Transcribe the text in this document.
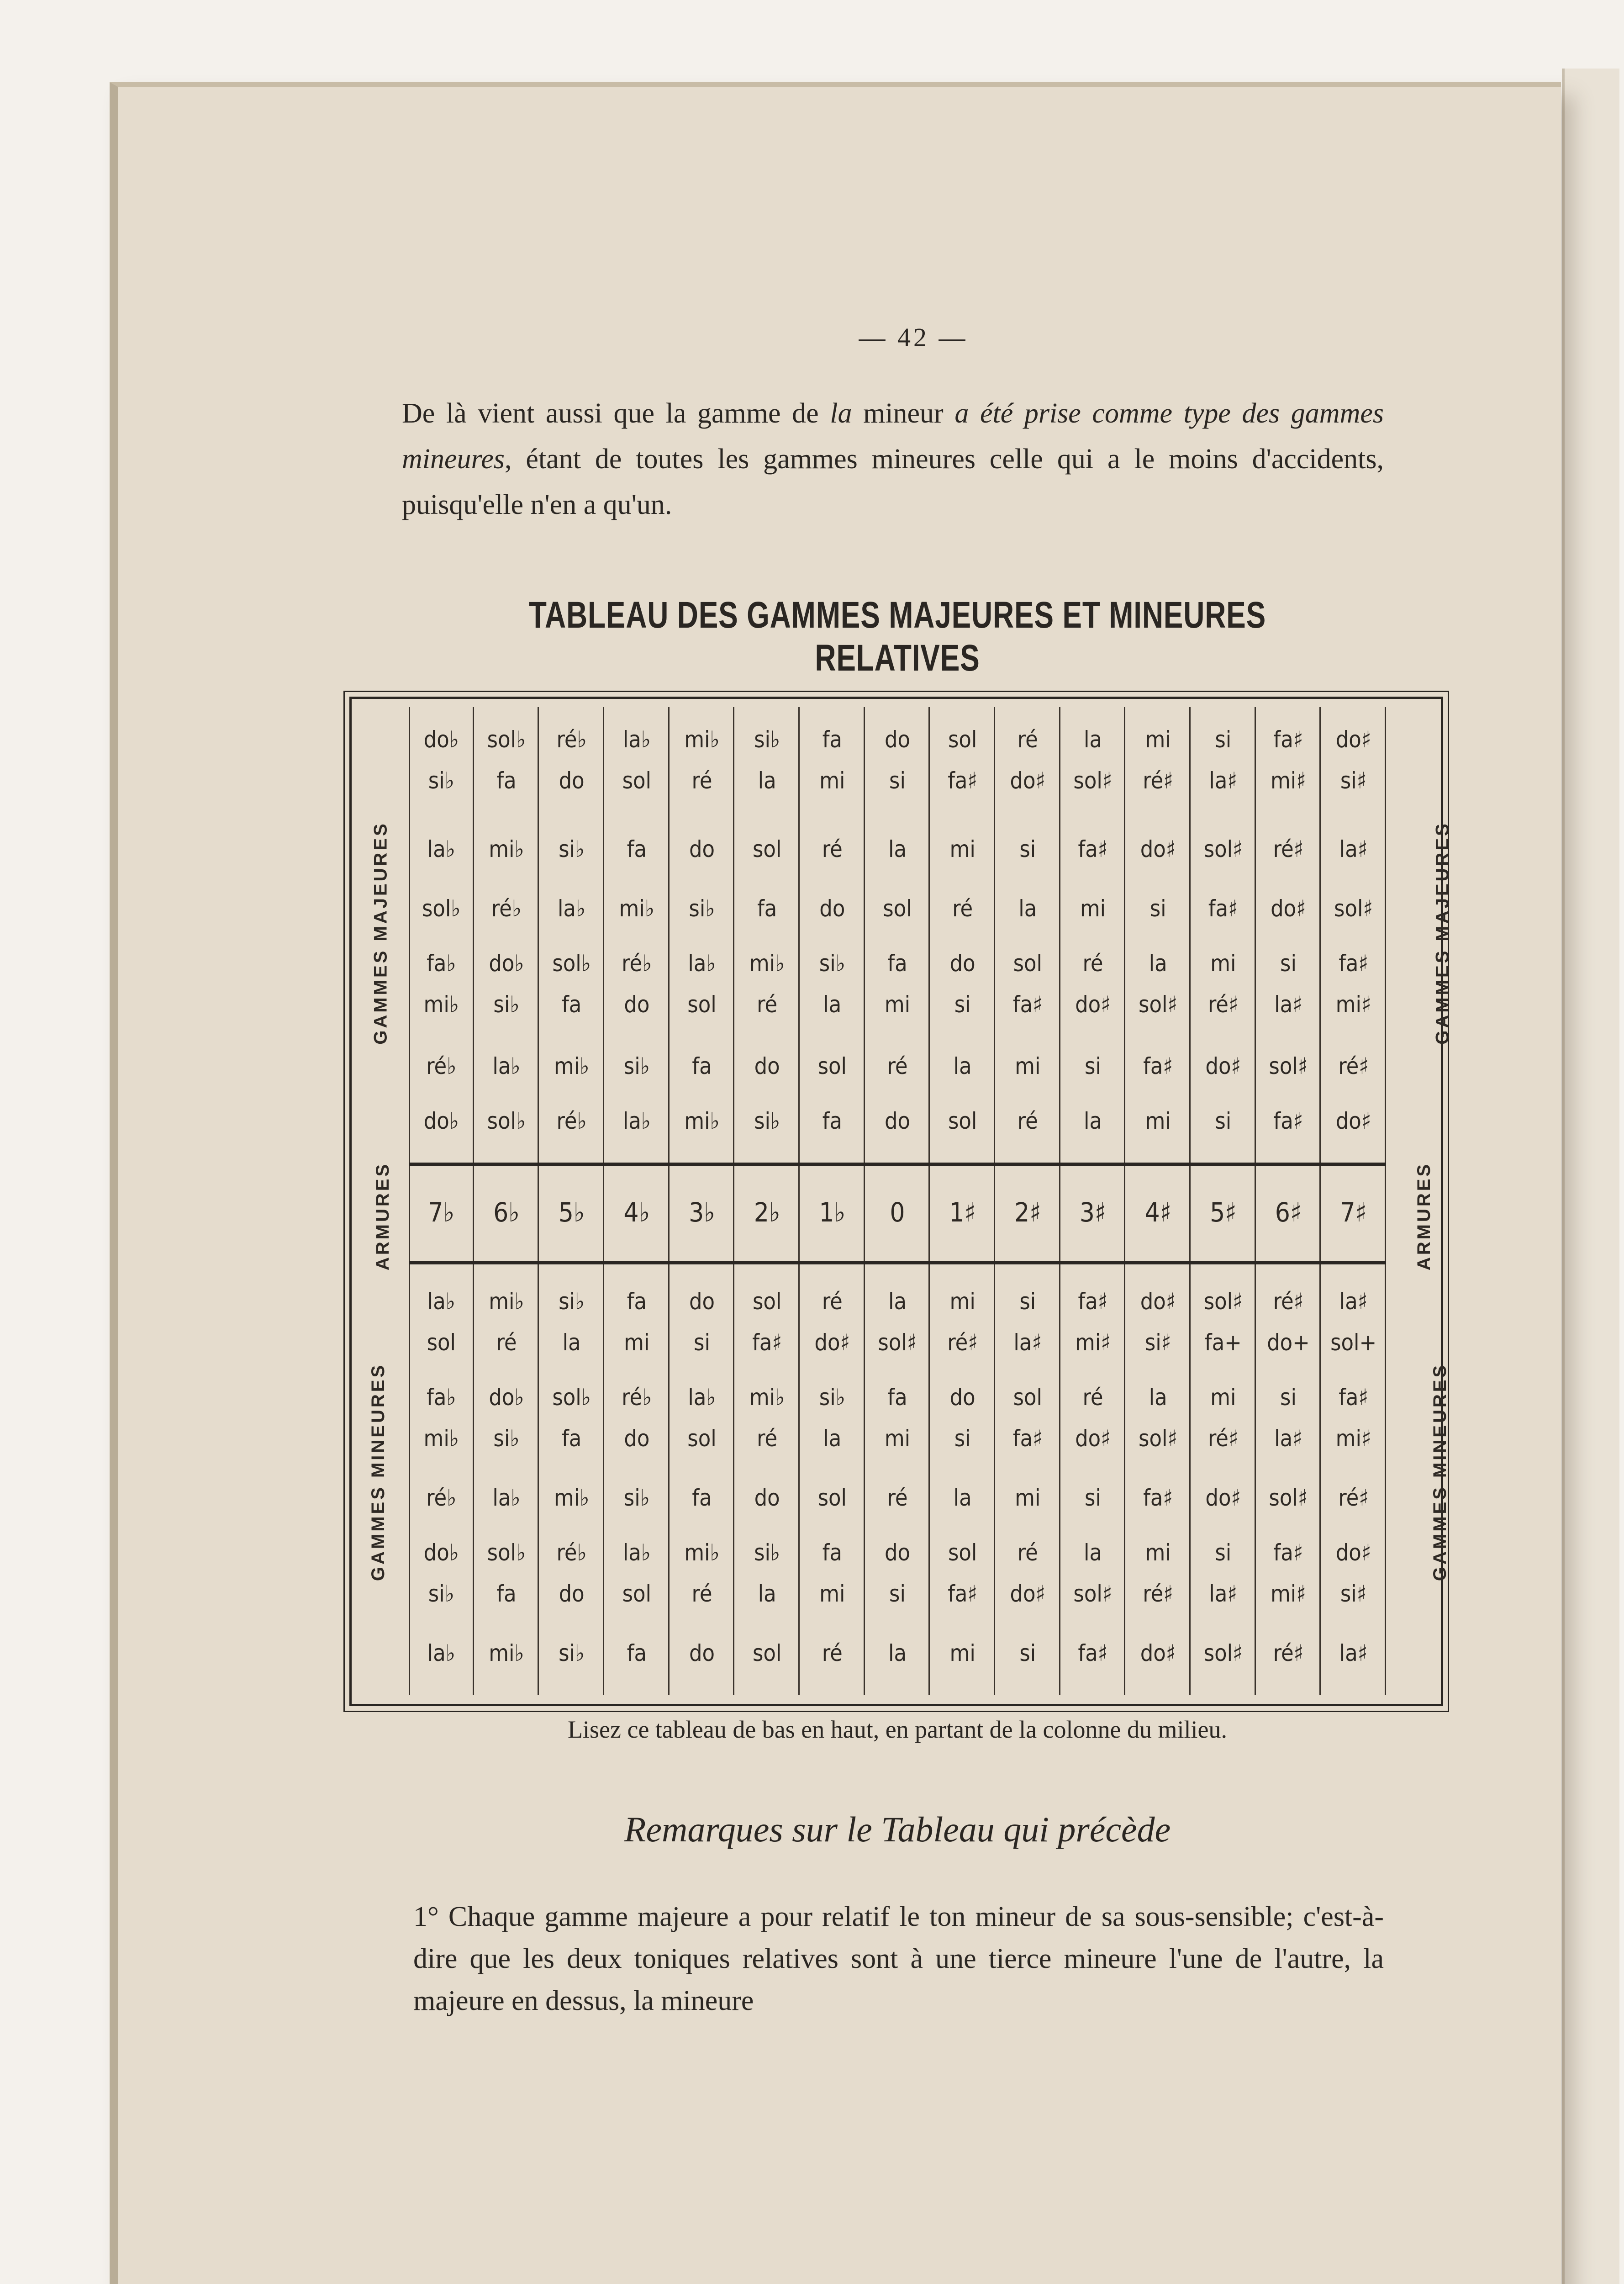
— 42 —
De là vient aussi que la gamme de la mineur a été prise comme type des gammes mineures, étant de toutes les gammes mineures celle qui a le moins d'accidents, puisqu'elle n'en a qu'un.
TABLEAU DES GAMMES MAJEURES ET MINEURES RELATIVES
do♭	sol♭	ré♭	la♭	mi♭	si♭	fa	do	sol	ré	la	mi	si	fa♯	do♯
si♭	fa	do	sol	ré	la	mi	si	fa♯	do♯	sol♯	ré♯	la♯	mi♯	si♯
la♭	mi♭	si♭	fa	do	sol	ré	la	mi	si	fa♯	do♯	sol♯	ré♯	la♯
sol♭	ré♭	la♭	mi♭	si♭	fa	do	sol	ré	la	mi	si	fa♯	do♯	sol♯
fa♭	do♭	sol♭	ré♭	la♭	mi♭	si♭	fa	do	sol	ré	la	mi	si	fa♯
mi♭	si♭	fa	do	sol	ré	la	mi	si	fa♯	do♯	sol♯	ré♯	la♯	mi♯
ré♭	la♭	mi♭	si♭	fa	do	sol	ré	la	mi	si	fa♯	do♯	sol♯	ré♯
do♭	sol♭	ré♭	la♭	mi♭	si♭	fa	do	sol	ré	la	mi	si	fa♯	do♯
7♭	6♭	5♭	4♭	3♭	2♭	1♭	0	1♯	2♯	3♯	4♯	5♯	6♯	7♯
la♭	mi♭	si♭	fa	do	sol	ré	la	mi	si	fa♯	do♯	sol♯	ré♯	la♯
sol	ré	la	mi	si	fa♯	do♯	sol♯	ré♯	la♯	mi♯	si♯	fa+	do+ sol+
fa♭	do♭	sol♭	ré♭	la♭	mi♭	si♭	fa	do	sol	ré	la	mi	si	fa♯
mi♭	si♭	fa	do	sol	ré	la	mi	si	fa♯	do♯	sol♯	ré♯	la♯	mi♯
ré♭	la♭	mi♭	si♭	fa	do	sol	ré	la	mi	si	fa♯	do♯	sol♯	ré♯
do♭	sol♭	ré♭	la♭	mi♭	si♭	fa	do	sol	ré	la	mi	si	fa♯	do♯
si♭	fa	do	sol	ré	la	mi	si	fa♯	do♯	sol♯	ré♯	la♯	mi♯	si♯
la♭	mi♭	si♭	fa	do	sol	ré	la	mi	si	fa♯	do♯	sol♯	ré♯	la♯
GAMMES MAJEURES
ARMURES
GAMMES MINEURES
GAMMES MAJEURES
ARMURES
GAMMES MINEURES
Lisez ce tableau de bas en haut, en partant de la colonne du milieu.
Remarques sur le Tableau qui précède
1° Chaque gamme majeure a pour relatif le ton mineur de sa sous-sensible; c'est-à-dire que les deux toniques relatives sont à une tierce mineure l'une de l'autre, la majeure en dessus, la mineure
